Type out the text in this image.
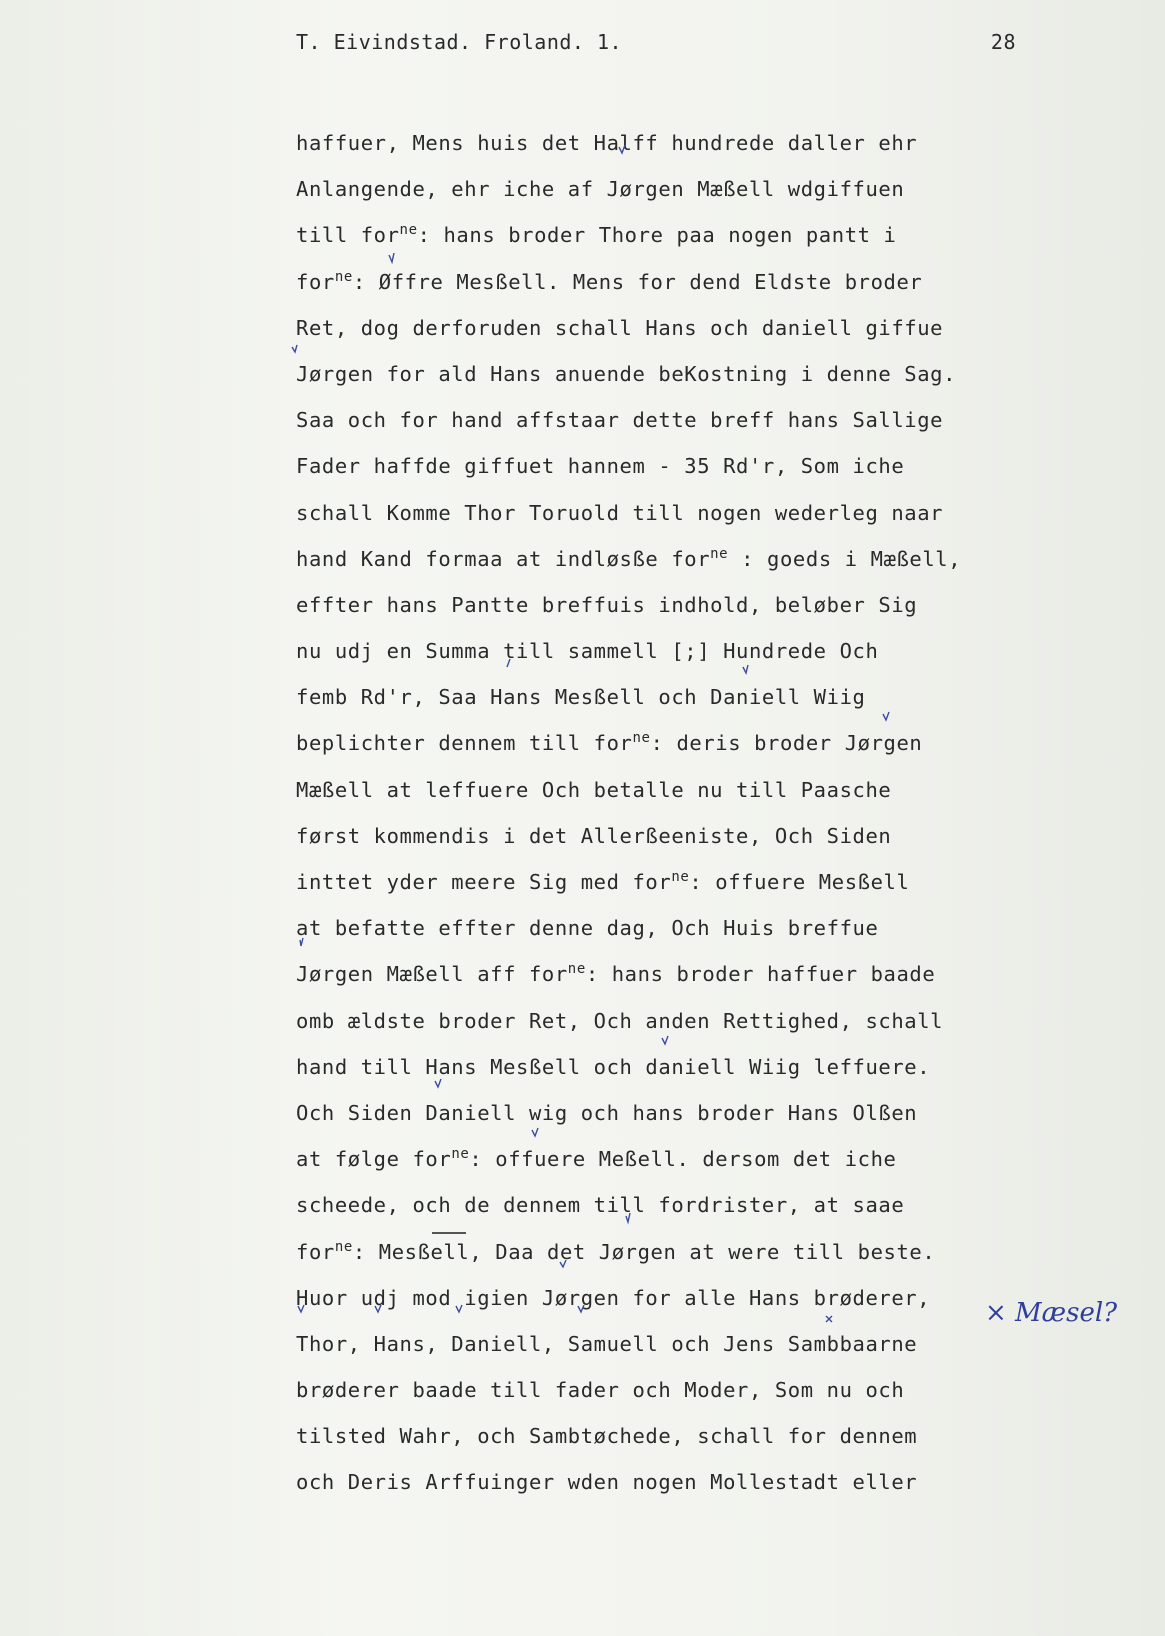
T. Eivindstad. Froland. 1.	28
haffuer, Mens huis det Halff hundrede daller ehr
Anlangende, ehr iche af Jørgen Mæßell wdgiffuen
till for$^{ne}$: hans broder Thore paa nogen pantt i
for$^{ne}$: Øffre Mesßell. Mens for dend Eldste broder
Ret, dog derforuden schall Hans och daniell giffue
Jørgen for ald Hans anuende beKostning i denne Sag.
Saa och for hand affstaar dette breff hans Sallige
Fader haffde giffuet hannem - 35 Rd'r, Som iche
schall Komme Thor Toruold till nogen wederleg naar
hand Kand formaa at indløsße for$^{ne}$ : goeds i Mæßell,
effter hans Pantte breffuis indhold, beløber Sig
nu udj en Summa till sammell [;] Hundrede Och
femb Rd'r, Saa Hans Mesßell och Daniell Wiig
beplichter dennem till for$^{ne}$: deris broder Jørgen
Mæßell at leffuere Och betalle nu till Paasche
først kommendis i det Allerßeeniste, Och Siden
inttet yder meere Sig med for$^{ne}$: offuere Mesßell
at befatte effter denne dag, Och Huis breffue
Jørgen Mæßell aff for$^{ne}$: hans broder haffuer baade
omb ældste broder Ret, Och anden Rettighed, schall
hand till Hans Mesßell och daniell Wiig leffuere.
Och Siden Daniell wig och hans broder Hans Olßen
at følge for$^{ne}$: offuere Meßell. dersom det iche
scheede, och de dennem till fordrister, at saae
for$^{ne}$: Mesßell, Daa det Jørgen at were till beste.
Huor udj mod igien Jørgen for alle Hans brøderer,
Thor, Hans, Daniell, Samuell och Jens Sambbaarne
brøderer baade till fader och Moder, Som nu och
tilsted Wahr, och Sambtøchede, schall for dennem
och Deris Arffuinger wden nogen Mollestadt eller
× Mæsel?
